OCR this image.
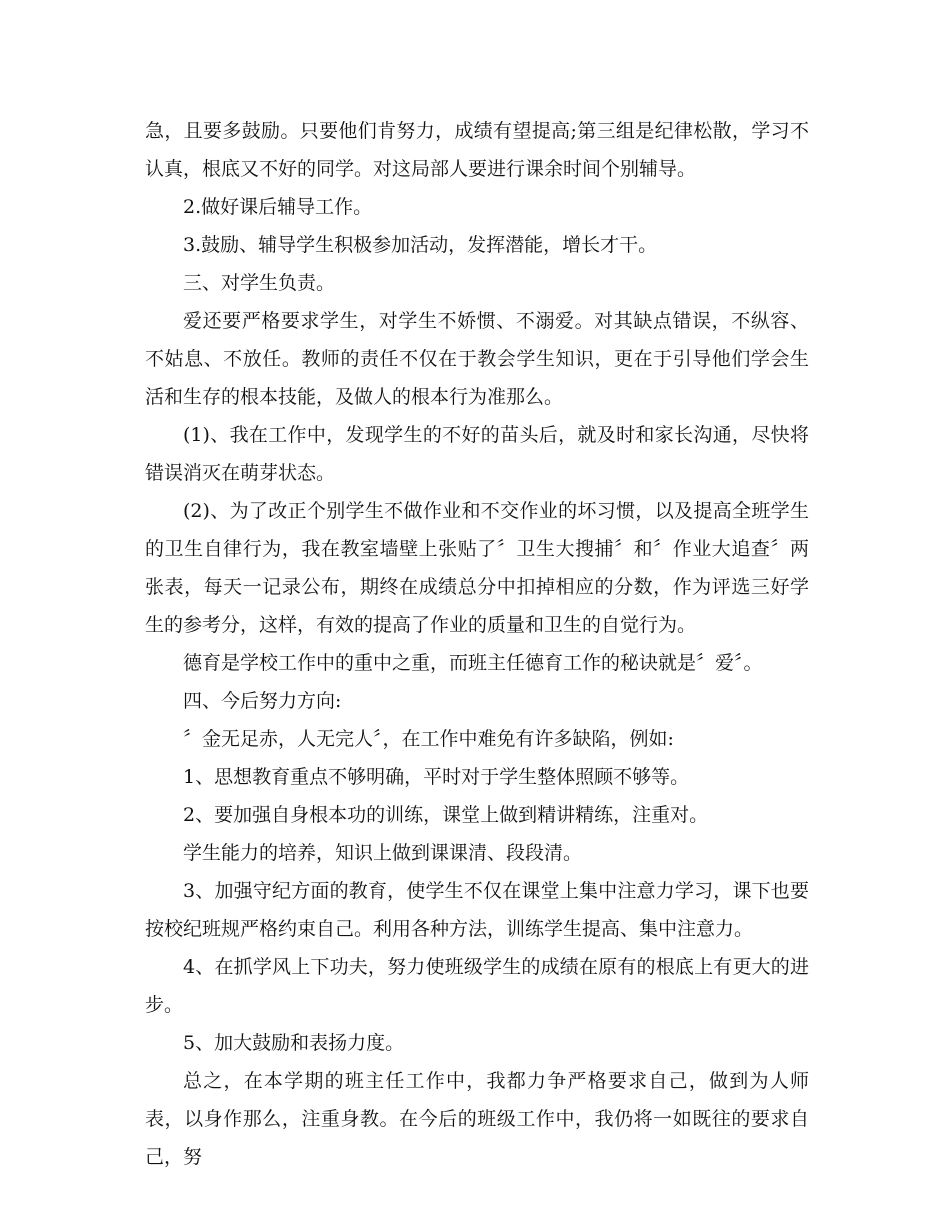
急，且要多鼓励。只要他们肯努力，成绩有望提高;第三组是纪律松散，学习不认真，根底又不好的同学。对这局部人要进行课余时间个别辅导。

2.做好课后辅导工作。

3.鼓励、辅导学生积极参加活动，发挥潜能，增长才干。

三、对学生负责。

爱还要严格要求学生，对学生不娇惯、不溺爱。对其缺点错误，不纵容、不姑息、不放任。教师的责任不仅在于教会学生知识，更在于引导他们学会生活和生存的根本技能，及做人的根本行为准那么。

(1)、我在工作中，发现学生的不好的苗头后，就及时和家长沟通，尽快将错误消灭在萌芽状态。

(2)、为了改正个别学生不做作业和不交作业的坏习惯，以及提高全班学生的卫生自律行为，我在教室墙壁上张贴了〞卫生大搜捕〞和〞作业大追查〞两张表，每天一记录公布，期终在成绩总分中扣掉相应的分数，作为评选三好学生的参考分，这样，有效的提高了作业的质量和卫生的自觉行为。

德育是学校工作中的重中之重，而班主任德育工作的秘诀就是〞爱〞。

四、今后努力方向:

〞金无足赤，人无完人〞，在工作中难免有许多缺陷，例如:

1、思想教育重点不够明确，平时对于学生整体照顾不够等。

2、要加强自身根本功的训练，课堂上做到精讲精练，注重对。

学生能力的培养，知识上做到课课清、段段清。

3、加强守纪方面的教育，使学生不仅在课堂上集中注意力学习，课下也要按校纪班规严格约束自己。利用各种方法，训练学生提高、集中注意力。

4、在抓学风上下功夫，努力使班级学生的成绩在原有的根底上有更大的进步。

5、加大鼓励和表扬力度。

总之，在本学期的班主任工作中，我都力争严格要求自己，做到为人师表，以身作那么，注重身教。在今后的班级工作中，我仍将一如既往的要求自己，努
